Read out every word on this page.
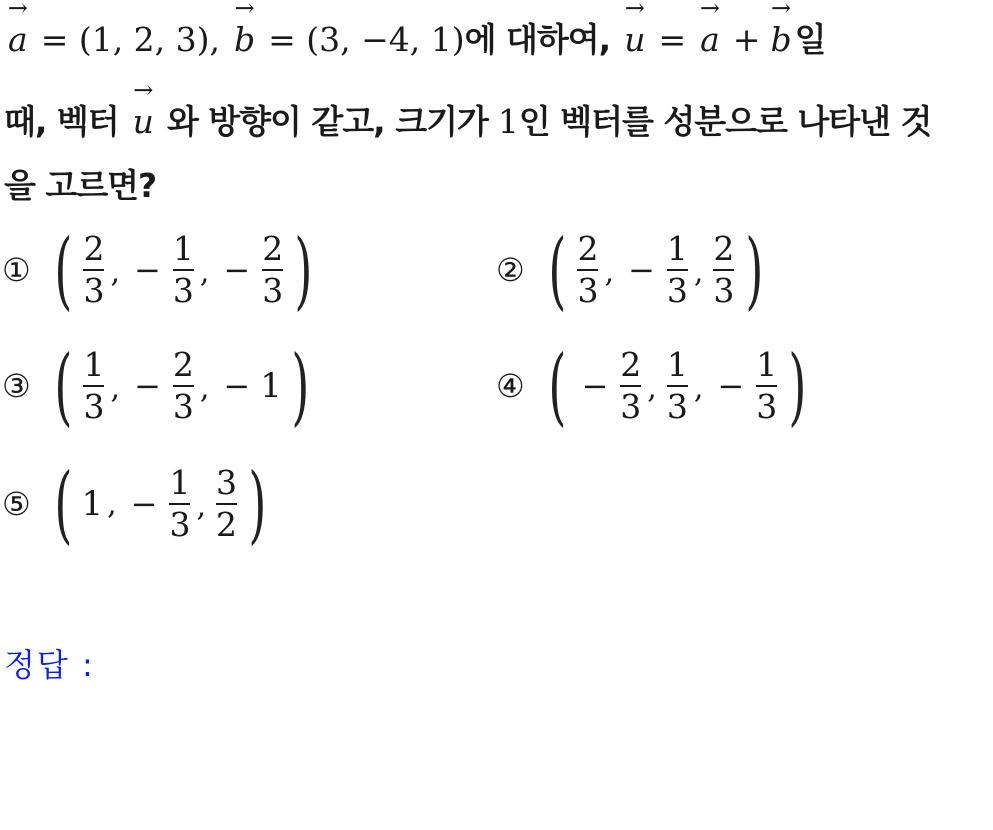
→
a = (1, 2, 3),
→
b = (3, −4, 1) 에 대하여,
→
u =
→
a +
→
b 일
때, 벡터
→
u 와 방향이 같고, 크기가 1 인 벡터를 성분으로 나타낸 것
을 고르면?
① ( $\frac{2}{3}$ , − $\frac{1}{3}$ , − $\frac{2}{3}$ )	② ( $\frac{2}{3}$ , − $\frac{1}{3}$ , $\frac{2}{3}$ )
③ ( $\frac{1}{3}$ , − $\frac{2}{3}$ , − 1 )	④ ( − $\frac{2}{3}$ , $\frac{1}{3}$ , − $\frac{1}{3}$ )
⑤ ( 1 , − $\frac{1}{3}$ , $\frac{3}{2}$ )
정답 :
